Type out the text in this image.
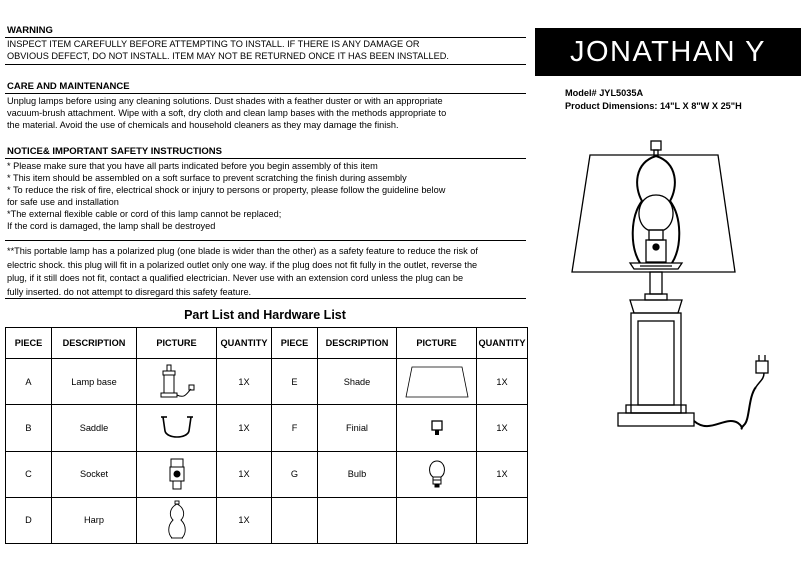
WARNING

INSPECT ITEM CAREFULLY BEFORE ATTEMPTING TO INSTALL. IF THERE IS ANY DAMAGE OR
OBVIOUS DEFECT, DO NOT INSTALL. ITEM MAY NOT BE RETURNED ONCE IT HAS BEEN INSTALLED.

CARE AND MAINTENANCE

Unplug lamps before using any cleaning solutions. Dust shades with a feather duster or with an appropriate
vacuum-brush attachment. Wipe with a soft, dry cloth and clean lamp bases with the methods appropriate to
the material. Avoid the use of chemicals and household cleaners as they may damage the finish.

NOTICE& IMPORTANT SAFETY INSTRUCTIONS

* Please make sure that you have all parts indicated before you begin assembly of this item
* This item should be assembled on a soft surface to prevent scratching the finish during assembly
* To reduce the risk of fire, electrical shock or injury to persons or property, please follow the guideline below
for safe use and installation
*The external flexible cable or cord of this lamp cannot be replaced;
If the cord is damaged, the lamp shall be destroyed

**This portable lamp has a polarized plug (one blade is wider than the other) as a safety feature to reduce the risk of
electric shock. this plug will fit in a polarized outlet only one way. if the plug does not fit fully in the outlet, reverse the
plug, if it still does not fit, contact a qualified electrician. Never use with an extension cord unless the plug can be
fully inserted. do not attempt to disregard this safety feature.

JONATHAN Y
Model# JYL5035A
Product Dimensions: 14"L X 8"W X 25"H
Part List and Hardware List
PIECE	DESCRIPTION	PICTURE	QUANTITY	PIECE	DESCRIPTION	PICTURE	QUANTITY
A	Lamp base		1X	E	Shade		1X
B	Saddle		1X	F	Finial		1X
C	Socket		1X	G	Bulb		1X
D	Harp		1X				
